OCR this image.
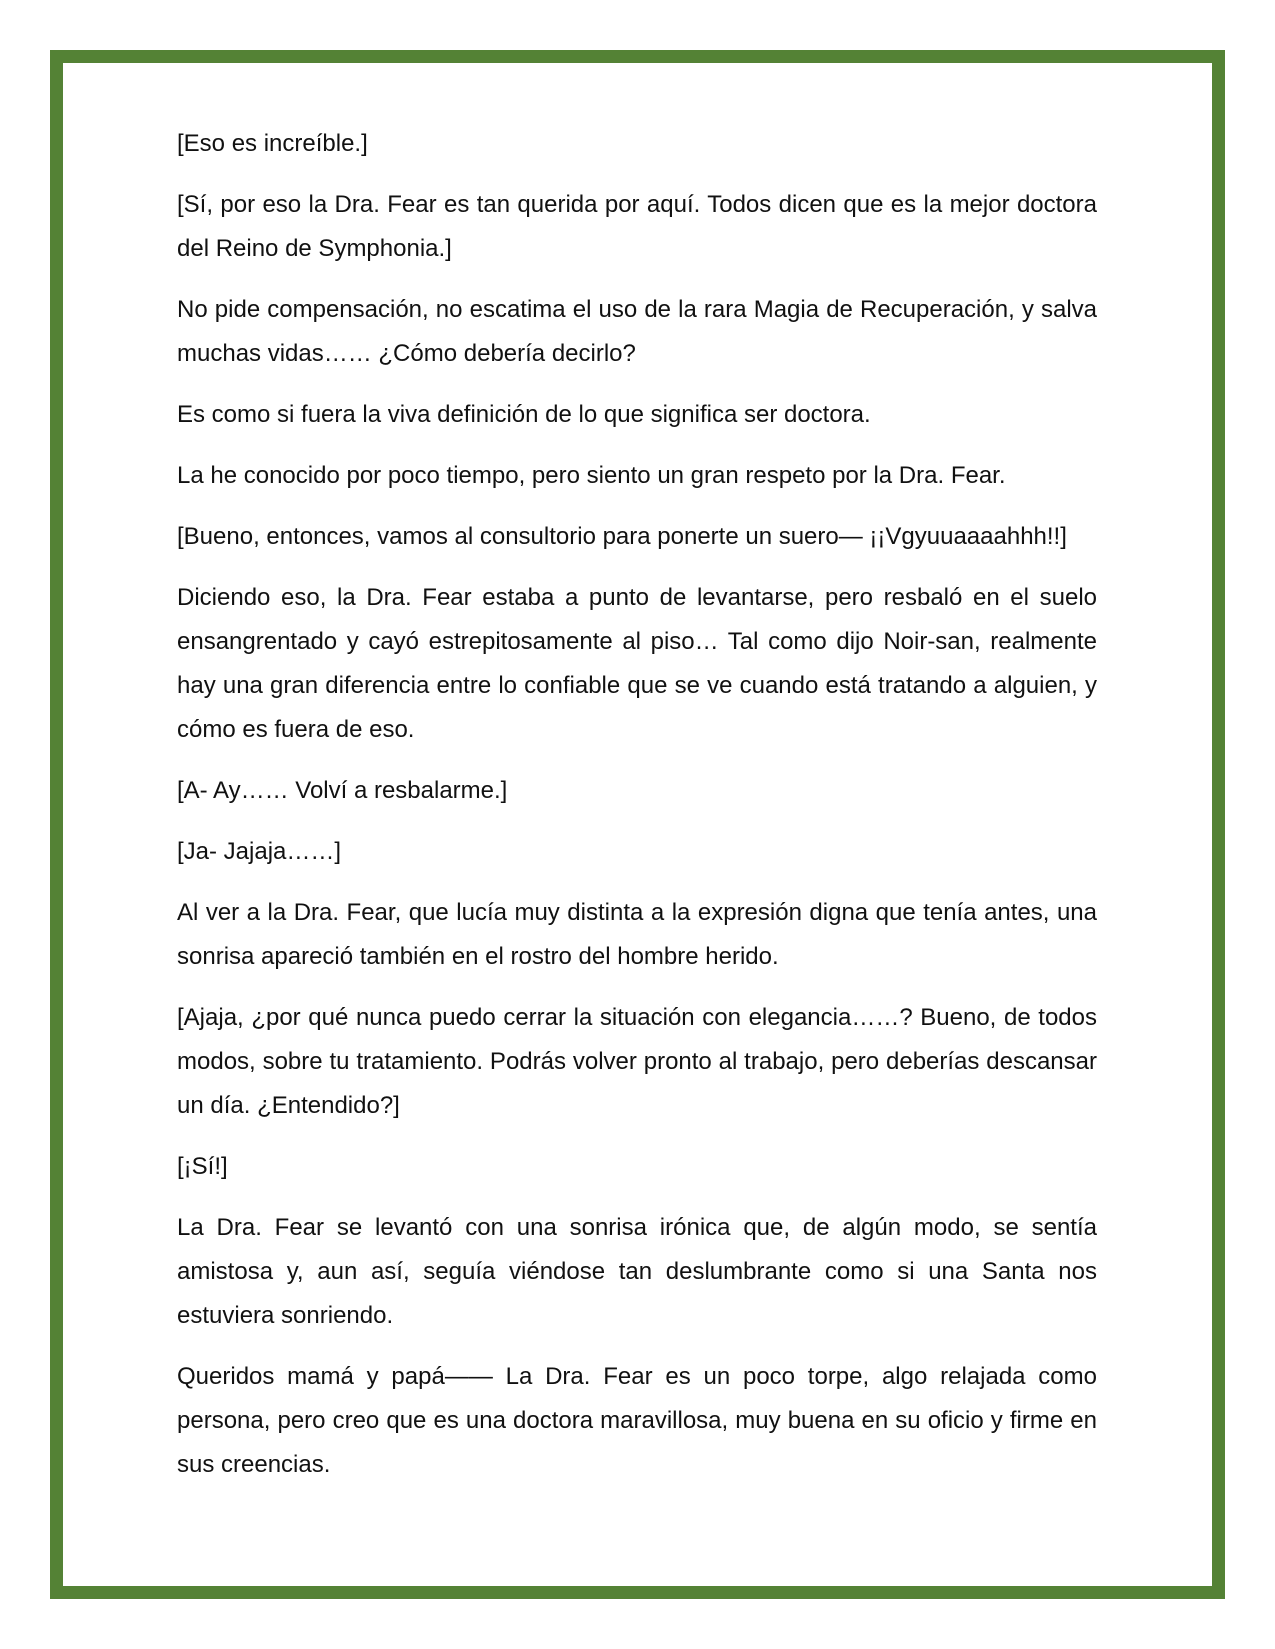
[Eso es increíble.]

[Sí, por eso la Dra. Fear es tan querida por aquí. Todos dicen que es la mejor doctora del Reino de Symphonia.]

No pide compensación, no escatima el uso de la rara Magia de Recuperación, y salva muchas vidas…… ¿Cómo debería decirlo?

Es como si fuera la viva definición de lo que significa ser doctora.

La he conocido por poco tiempo, pero siento un gran respeto por la Dra. Fear.

[Bueno, entonces, vamos al consultorio para ponerte un suero— ¡¡Vgyuuaaaahhh!!]

Diciendo eso, la Dra. Fear estaba a punto de levantarse, pero resbaló en el suelo ensangrentado y cayó estrepitosamente al piso… Tal como dijo Noir-san, realmente hay una gran diferencia entre lo confiable que se ve cuando está tratando a alguien, y cómo es fuera de eso.

[A- Ay…… Volví a resbalarme.]

[Ja- Jajaja……]

Al ver a la Dra. Fear, que lucía muy distinta a la expresión digna que tenía antes, una sonrisa apareció también en el rostro del hombre herido.

[Ajaja, ¿por qué nunca puedo cerrar la situación con elegancia……? Bueno, de todos modos, sobre tu tratamiento. Podrás volver pronto al trabajo, pero deberías descansar un día. ¿Entendido?]

[¡Sí!]

La Dra. Fear se levantó con una sonrisa irónica que, de algún modo, se sentía amistosa y, aun así, seguía viéndose tan deslumbrante como si una Santa nos estuviera sonriendo.

Queridos mamá y papá—— La Dra. Fear es un poco torpe, algo relajada como persona, pero creo que es una doctora maravillosa, muy buena en su oficio y firme en sus creencias.
